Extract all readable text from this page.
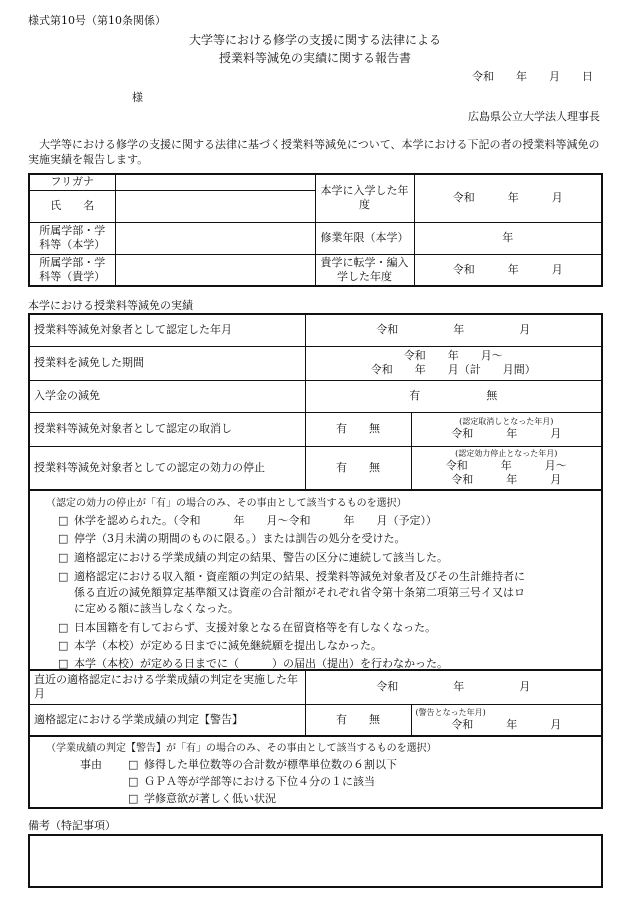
様式第10号（第10条関係）
大学等における修学の支援に関する法律による
授業料等減免の実績に関する報告書
令和　　年　　月　　日
様
広島県公立大学法人理事長
大学等における修学の支援に関する法律に基づく授業料等減免について、本学における下記の者の授業料等減免の実施実績を報告します。
フリガナ		本学に入学した年度	令和　　　年　　　月
氏　　名			
所属学部・学科等（本学）		修業年限（本学）	年
所属学部・学科等（貴学）		貴学に転学・編入学した年度	令和　　　年　　　月
本学における授業料等減免の実績
授業料等減免対象者として認定した年月	令和　　　　　年　　　　　月	
授業料を減免した期間	令和　　年　　月～
令和　　年　　月（計　　月間）	

入学金の減免	有　　　　　　無	
授業料等減免対象者として認定の取消し	有　　無	(認定取消しとなった年月)
令和　　　年　　　月

授業料等減免対象者としての認定の効力の停止	有　　無	(認定効力停止となった年月)
令和　　　年　　　月～
令和　　　年　　　月
（認定の効力の停止が「有」の場合のみ、その事由として該当するものを選択）
□ 休学を認められた。（令和　　　年　　月～令和　　　年　　月（予定））
□ 停学（3月未満の期間のものに限る。）または訓告の処分を受けた。
□ 適格認定における学業成績の判定の結果、警告の区分に連続して該当した。
□ 適格認定における収入額・資産額の判定の結果、授業料等減免対象者及びその生計維持者に
係る直近の減免額算定基準額又は資産の合計額がそれぞれ省令第十条第二項第三号イ又はロ
に定める額に該当しなくなった。
□ 日本国籍を有しておらず、支援対象となる在留資格等を有しなくなった。
□ 本学（本校）が定める日までに減免継続願を提出しなかった。
□ 本学（本校）が定める日までに（　　　）の届出（提出）を行わなかった。
直近の適格認定における学業成績の判定を実施した年月	令和　　　　　年　　　　　月	
適格認定における学業成績の判定【警告】	有　　無	(警告となった年月)
令和　　　年　　　月
（学業成績の判定【警告】が「有」の場合のみ、その事由として該当するものを選択）
事由 □ 修得した単位数等の合計数が標準単位数の６割以下
□ ＧＰＡ等が学部等における下位４分の１に該当
□ 学修意欲が著しく低い状況
備考（特記事項）
